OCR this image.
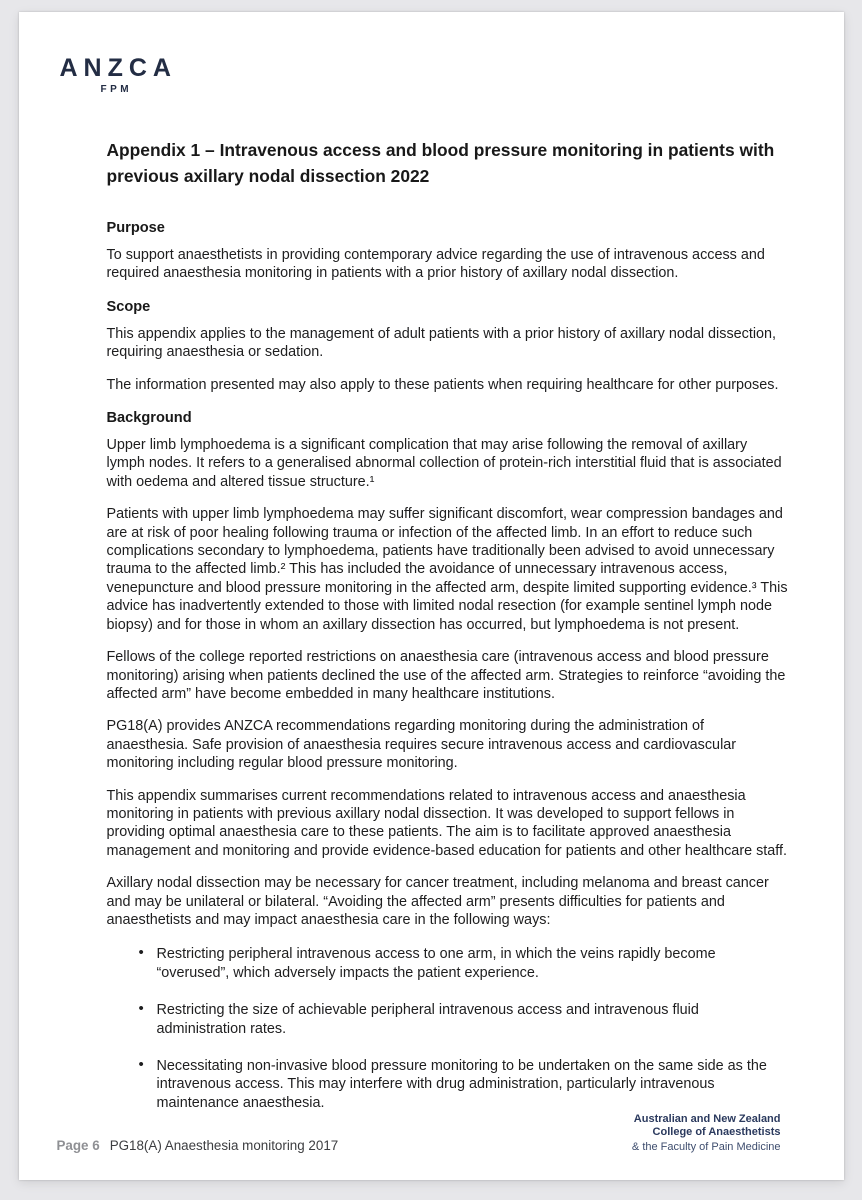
ANZCA
FPM
Appendix 1 – Intravenous access and blood pressure monitoring in patients with previous axillary nodal dissection 2022
Purpose

To support anaesthetists in providing contemporary advice regarding the use of intravenous access and required anaesthesia monitoring in patients with a prior history of axillary nodal dissection.

Scope

This appendix applies to the management of adult patients with a prior history of axillary nodal dissection, requiring anaesthesia or sedation.

The information presented may also apply to these patients when requiring healthcare for other purposes.

Background

Upper limb lymphoedema is a significant complication that may arise following the removal of axillary lymph nodes. It refers to a generalised abnormal collection of protein-rich interstitial fluid that is associated with oedema and altered tissue structure.¹

Patients with upper limb lymphoedema may suffer significant discomfort, wear compression bandages and are at risk of poor healing following trauma or infection of the affected limb. In an effort to reduce such complications secondary to lymphoedema, patients have traditionally been advised to avoid unnecessary trauma to the affected limb.² This has included the avoidance of unnecessary intravenous access, venepuncture and blood pressure monitoring in the affected arm, despite limited supporting evidence.³ This advice has inadvertently extended to those with limited nodal resection (for example sentinel lymph node biopsy) and for those in whom an axillary dissection has occurred, but lymphoedema is not present.

Fellows of the college reported restrictions on anaesthesia care (intravenous access and blood pressure monitoring) arising when patients declined the use of the affected arm. Strategies to reinforce “avoiding the affected arm” have become embedded in many healthcare institutions.

PG18(A) provides ANZCA recommendations regarding monitoring during the administration of anaesthesia. Safe provision of anaesthesia requires secure intravenous access and cardiovascular monitoring including regular blood pressure monitoring.

This appendix summarises current recommendations related to intravenous access and anaesthesia monitoring in patients with previous axillary nodal dissection. It was developed to support fellows in providing optimal anaesthesia care to these patients. The aim is to facilitate approved anaesthesia management and monitoring and provide evidence-based education for patients and other healthcare staff.

Axillary nodal dissection may be necessary for cancer treatment, including melanoma and breast cancer and may be unilateral or bilateral. “Avoiding the affected arm” presents difficulties for patients and anaesthetists and may impact anaesthesia care in the following ways:

• Restricting peripheral intravenous access to one arm, in which the veins rapidly become “overused”, which adversely impacts the patient experience.
• Restricting the size of achievable peripheral intravenous access and intravenous fluid administration rates.
• Necessitating non-invasive blood pressure monitoring to be undertaken on the same side as the intravenous access. This may interfere with drug administration, particularly intravenous maintenance anaesthesia.
Page 6 PG18(A) Anaesthesia monitoring 2017
Australian and New Zealand
College of Anaesthetists
& the Faculty of Pain Medicine
